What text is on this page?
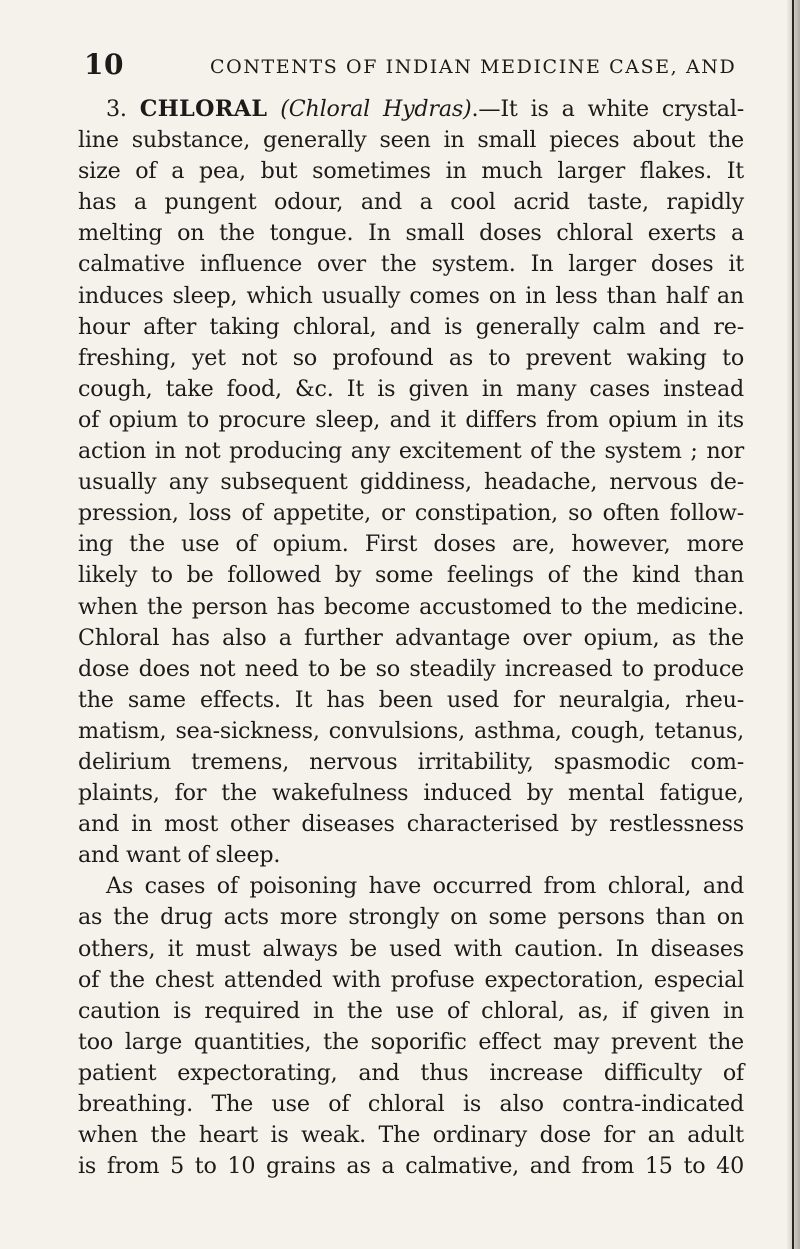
10	CONTENTS OF INDIAN MEDICINE CASE, AND
3. CHLORAL (Chloral Hydras).—It is a white crystal-
line substance, generally seen in small pieces about the
size of a pea, but sometimes in much larger flakes. It
has a pungent odour, and a cool acrid taste, rapidly
melting on the tongue. In small doses chloral exerts a
calmative influence over the system. In larger doses it
induces sleep, which usually comes on in less than half an
hour after taking chloral, and is generally calm and re-
freshing, yet not so profound as to prevent waking to
cough, take food, &c. It is given in many cases instead
of opium to procure sleep, and it differs from opium in its
action in not producing any excitement of the system ; nor
usually any subsequent giddiness, headache, nervous de-
pression, loss of appetite, or constipation, so often follow-
ing the use of opium. First doses are, however, more
likely to be followed by some feelings of the kind than
when the person has become accustomed to the medicine.
Chloral has also a further advantage over opium, as the
dose does not need to be so steadily increased to produce
the same effects. It has been used for neuralgia, rheu-
matism, sea-sickness, convulsions, asthma, cough, tetanus,
delirium tremens, nervous irritability, spasmodic com-
plaints, for the wakefulness induced by mental fatigue,
and in most other diseases characterised by restlessness
and want of sleep.
As cases of poisoning have occurred from chloral, and
as the drug acts more strongly on some persons than on
others, it must always be used with caution. In diseases
of the chest attended with profuse expectoration, especial
caution is required in the use of chloral, as, if given in
too large quantities, the soporific effect may prevent the
patient expectorating, and thus increase difficulty of
breathing. The use of chloral is also contra-indicated
when the heart is weak. The ordinary dose for an adult
is from 5 to 10 grains as a calmative, and from 15 to 40
